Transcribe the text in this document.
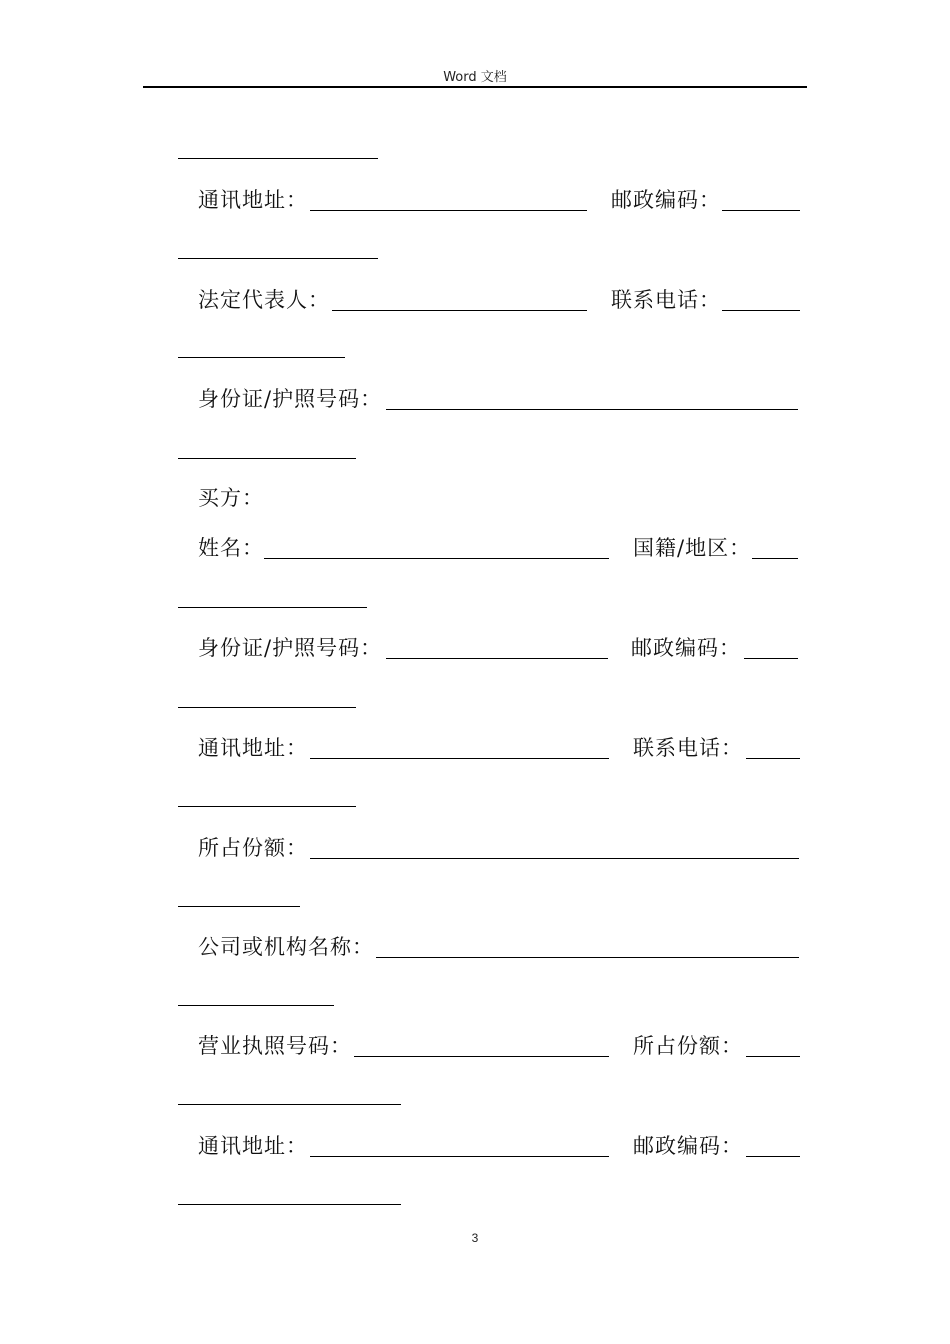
Word 文档
通讯地址：	邮政编码：
法定代表人：	联系电话：
身份证/护照号码：
买方：
姓名：	国籍/地区：
身份证/护照号码：	邮政编码：
通讯地址：	联系电话：
所占份额：
公司或机构名称：
营业执照号码：	所占份额：
通讯地址：	邮政编码：
3
